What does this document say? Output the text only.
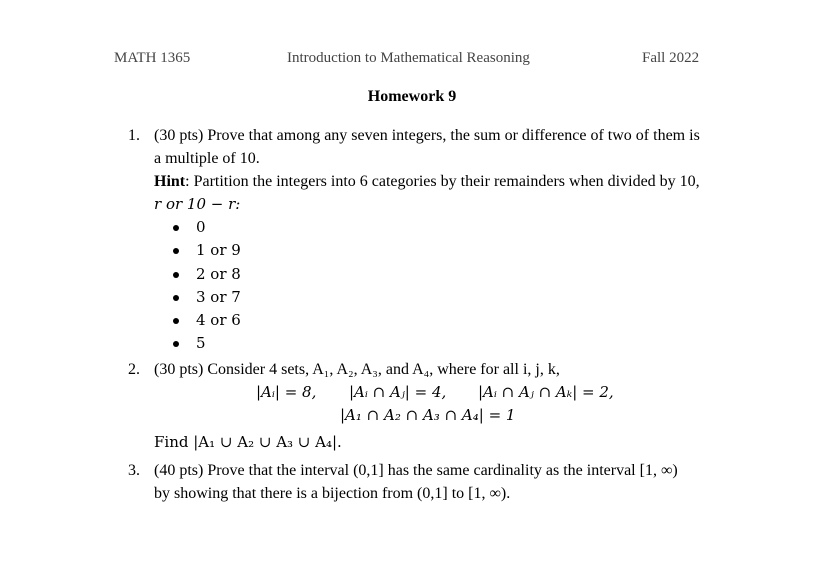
MATH 1365	Introduction to Mathematical Reasoning	Fall 2022
Homework 9
1. (30 pts) Prove that among any seven integers, the sum or difference of two of them is
a multiple of 10.
Hint: Partition the integers into 6 categories by their remainders when divided by 10,
r or 10 − r:
0
1 or 9
2 or 8
3 or 7
4 or 6
5
2. (30 pts) Consider 4 sets, A₁, A₂, A₃, and A₄, where for all i, j, k,
|Aᵢ| = 8, |Aᵢ ∩ Aⱼ| = 4, |Aᵢ ∩ Aⱼ ∩ Aₖ| = 2,
|A₁ ∩ A₂ ∩ A₃ ∩ A₄| = 1
Find |A₁ ∪ A₂ ∪ A₃ ∪ A₄|.
3. (40 pts) Prove that the interval (0,1] has the same cardinality as the interval [1, ∞)
by showing that there is a bijection from (0,1] to [1, ∞).
